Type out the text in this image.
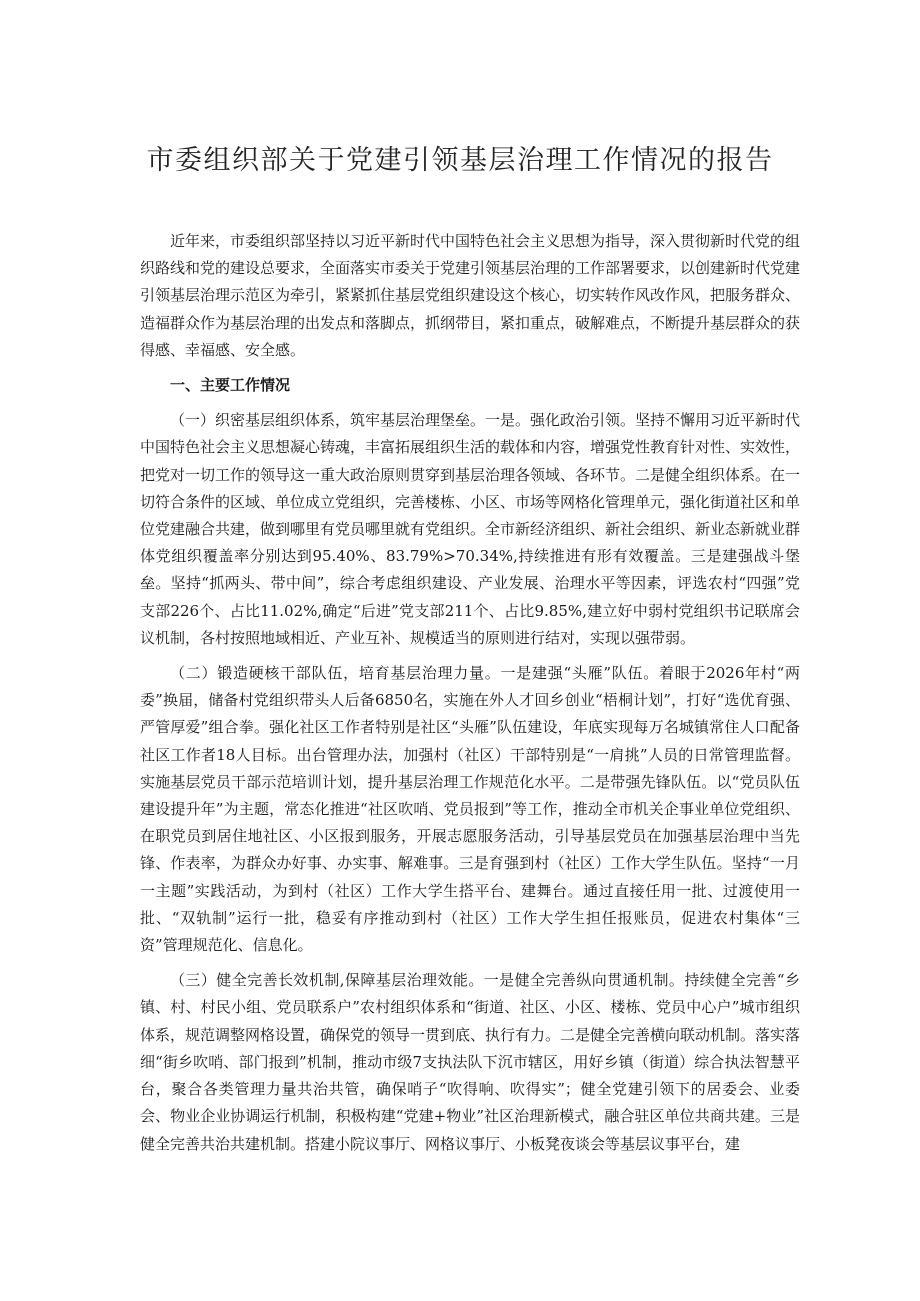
市委组织部关于党建引领基层治理工作情况的报告

近年来，市委组织部坚持以习近平新时代中国特色社会主义思想为指导，深入贯彻新时代党的组织路线和党的建设总要求，全面落实市委关于党建引领基层治理的工作部署要求，以创建新时代党建引领基层治理示范区为牵引，紧紧抓住基层党组织建设这个核心，切实转作风改作风，把服务群众、造福群众作为基层治理的出发点和落脚点，抓纲带目，紧扣重点，破解难点，不断提升基层群众的获得感、幸福感、安全感。

一、主要工作情况

（一）织密基层组织体系，筑牢基层治理堡垒。一是。强化政治引领。坚持不懈用习近平新时代中国特色社会主义思想凝心铸魂，丰富拓展组织生活的载体和内容，增强党性教育针对性、实效性，把党对一切工作的领导这一重大政治原则贯穿到基层治理各领域、各环节。二是健全组织体系。在一切符合条件的区域、单位成立党组织，完善楼栋、小区、市场等网格化管理单元，强化街道社区和单位党建融合共建，做到哪里有党员哪里就有党组织。全市新经济组织、新社会组织、新业态新就业群体党组织覆盖率分别达到95.40%、83.79%>70.34%,持续推进有形有效覆盖。三是建强战斗堡垒。坚持“抓两头、带中间”，综合考虑组织建设、产业发展、治理水平等因素，评选农村“四强”党支部226个、占比11.02%,确定“后进”党支部211个、占比9.85%,建立好中弱村党组织书记联席会议机制，各村按照地域相近、产业互补、规模适当的原则进行结对，实现以强带弱。

（二）锻造硬核干部队伍，培育基层治理力量。一是建强“头雁”队伍。着眼于2026年村“两委”换届，储备村党组织带头人后备6850名，实施在外人才回乡创业“梧桐计划”，打好“选优育强、严管厚爱”组合拳。强化社区工作者特别是社区“头雁”队伍建设，年底实现每万名城镇常住人口配备社区工作者18人目标。出台管理办法，加强村（社区）干部特别是“一肩挑”人员的日常管理监督。实施基层党员干部示范培训计划，提升基层治理工作规范化水平。二是带强先锋队伍。以“党员队伍建设提升年”为主题，常态化推进“社区吹哨、党员报到”等工作，推动全市机关企事业单位党组织、在职党员到居住地社区、小区报到服务，开展志愿服务活动，引导基层党员在加强基层治理中当先锋、作表率，为群众办好事、办实事、解难事。三是育强到村（社区）工作大学生队伍。坚持“一月一主题”实践活动，为到村（社区）工作大学生搭平台、建舞台。通过直接任用一批、过渡使用一批、“双轨制”运行一批，稳妥有序推动到村（社区）工作大学生担任报账员，促进农村集体“三资”管理规范化、信息化。

（三）健全完善长效机制,保障基层治理效能。一是健全完善纵向贯通机制。持续健全完善“乡镇、村、村民小组、党员联系户”农村组织体系和“街道、社区、小区、楼栋、党员中心户”城市组织体系，规范调整网格设置，确保党的领导一贯到底、执行有力。二是健全完善横向联动机制。落实落细“街乡吹哨、部门报到”机制，推动市级7支执法队下沉市辖区，用好乡镇（街道）综合执法智慧平台，聚合各类管理力量共治共管，确保哨子“吹得响、吹得实”；健全党建引领下的居委会、业委会、物业企业协调运行机制，积极构建“党建+物业”社区治理新模式，融合驻区单位共商共建。三是健全完善共治共建机制。搭建小院议事厅、网格议事厅、小板凳夜谈会等基层议事平台，建
